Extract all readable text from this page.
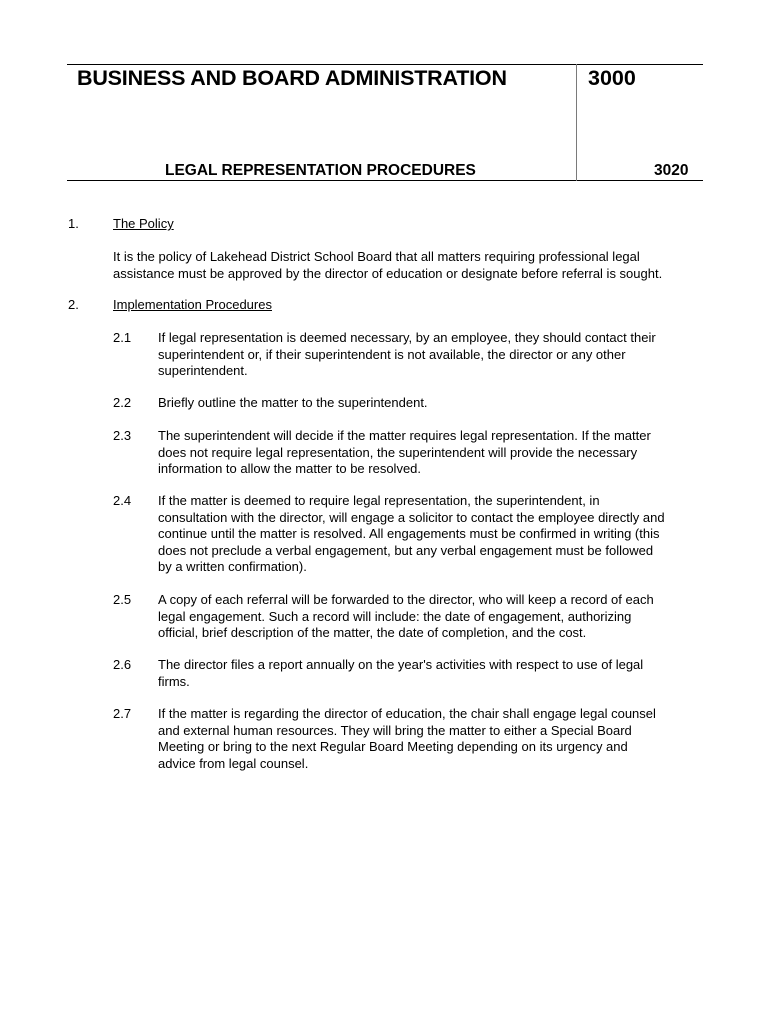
BUSINESS AND BOARD ADMINISTRATION	3000
LEGAL REPRESENTATION PROCEDURES	3020
1.	The Policy
It is the policy of Lakehead District School Board that all matters requiring professional legal
assistance must be approved by the director of education or designate before referral is sought.
2.	Implementation Procedures
2.1 If legal representation is deemed necessary, by an employee, they should contact their
superintendent or, if their superintendent is not available, the director or any other
superintendent.
2.2 Briefly outline the matter to the superintendent.
2.3 The superintendent will decide if the matter requires legal representation. If the matter
does not require legal representation, the superintendent will provide the necessary
information to allow the matter to be resolved.
2.4 If the matter is deemed to require legal representation, the superintendent, in
consultation with the director, will engage a solicitor to contact the employee directly and
continue until the matter is resolved. All engagements must be confirmed in writing (this
does not preclude a verbal engagement, but any verbal engagement must be followed
by a written confirmation).
2.5 A copy of each referral will be forwarded to the director, who will keep a record of each
legal engagement. Such a record will include: the date of engagement, authorizing
official, brief description of the matter, the date of completion, and the cost.
2.6 The director files a report annually on the year's activities with respect to use of legal
firms.
2.7 If the matter is regarding the director of education, the chair shall engage legal counsel
and external human resources. They will bring the matter to either a Special Board
Meeting or bring to the next Regular Board Meeting depending on its urgency and
advice from legal counsel.
